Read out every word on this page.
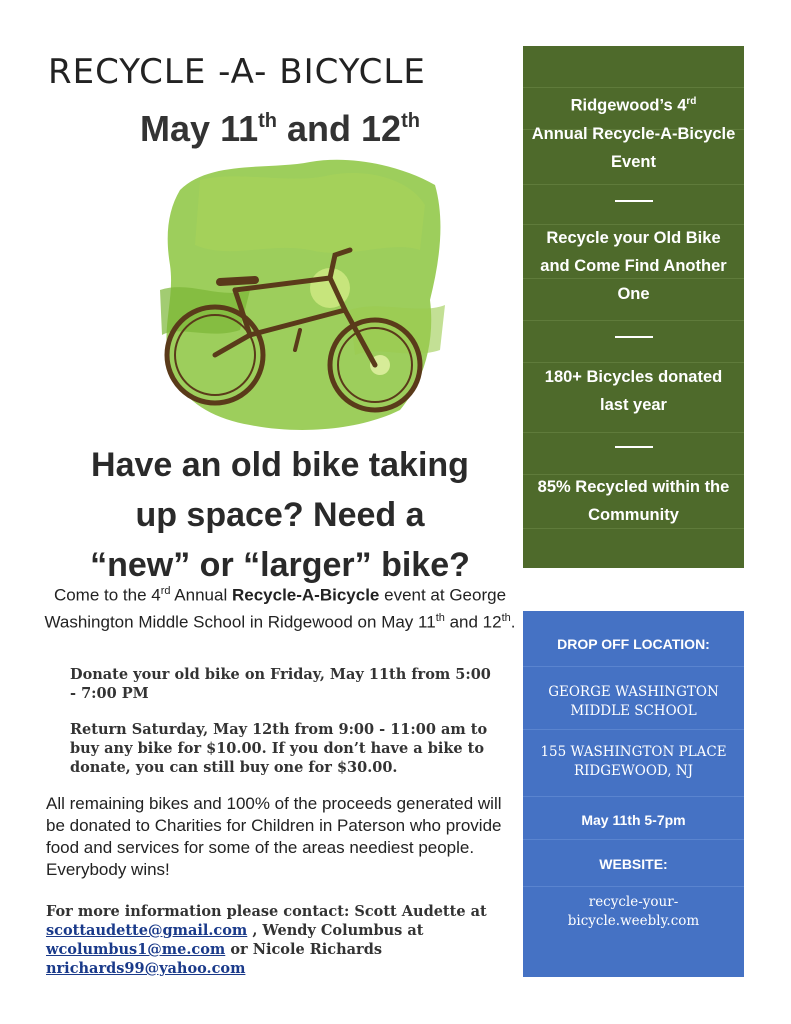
RECYCLE -A- BICYCLE
May 11th and 12th
Have an old bike taking
up space? Need a
“new” or “larger” bike?
Come to the 4rd Annual Recycle-A-Bicycle event at George Washington Middle School in Ridgewood on May 11th and 12th.
Donate your old bike on Friday, May 11th from 5:00 - 7:00 PM
Return Saturday, May 12th from 9:00 - 11:00 am to buy any bike for $10.00. If you don’t have a bike to donate, you can still buy one for $30.00.
All remaining bikes and 100% of the proceeds generated will be donated to Charities for Children in Paterson who provide food and services for some of the areas neediest people. Everybody wins!
For more information please contact: Scott Audette at scottaudette@gmail.com , Wendy Columbus at wcolumbus1@me.com or Nicole Richards nrichards99@yahoo.com
Ridgewood’s 4rd
Annual Recycle-A-Bicycle Event
Recycle your Old Bike and Come Find Another One
180+ Bicycles donated last year
85% Recycled within the Community
DROP OFF LOCATION:
GEORGE WASHINGTON MIDDLE SCHOOL
155 WASHINGTON PLACE RIDGEWOOD, NJ
May 11th 5-7pm
WEBSITE:
recycle-your-bicycle.weebly.com
